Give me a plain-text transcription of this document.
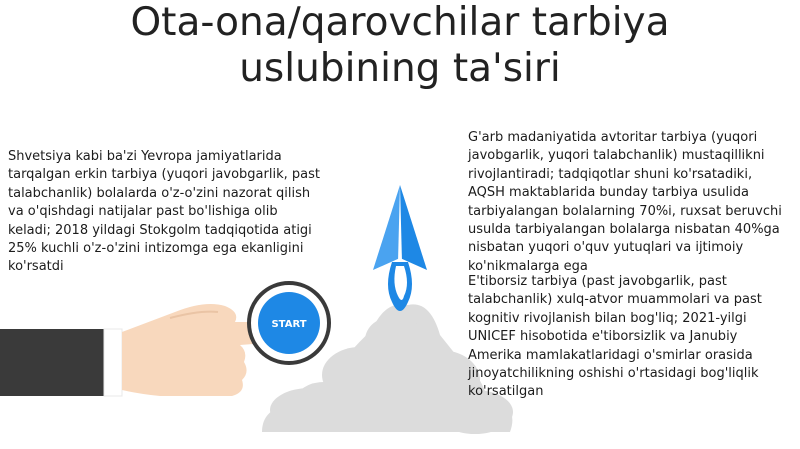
Ota-ona/qarovchilar tarbiya
uslubining ta'siri
START

Shvetsiya kabi ba'zi Yevropa jamiyatlarida tarqalgan erkin tarbiya (yuqori javobgarlik, past talabchanlik) bolalarda o'z-o'zini nazorat qilish va o'qishdagi natijalar past bo'lishiga olib keladi; 2018 yildagi Stokgolm tadqiqotida atigi 25% kuchli o'z-o'zini intizomga ega ekanligini ko'rsatdi

G'arb madaniyatida avtoritar tarbiya (yuqori javobgarlik, yuqori talabchanlik) mustaqillikni rivojlantiradi; tadqiqotlar shuni ko'rsatadiki, AQSH maktablarida bunday tarbiya usulida tarbiyalangan bolalarning 70%i, ruxsat beruvchi usulda tarbiyalangan bolalarga nisbatan 40%ga nisbatan yuqori o'quv yutuqlari va ijtimoiy ko'nikmalarga ega

E'tiborsiz tarbiya (past javobgarlik, past talabchanlik) xulq-atvor muammolari va past kognitiv rivojlanish bilan bog'liq; 2021-yilgi UNICEF hisobotida e'tiborsizlik va Janubiy Amerika mamlakatlaridagi o'smirlar orasida jinoyatchilikning oshishi o'rtasidagi bog'liqlik ko'rsatilgan
